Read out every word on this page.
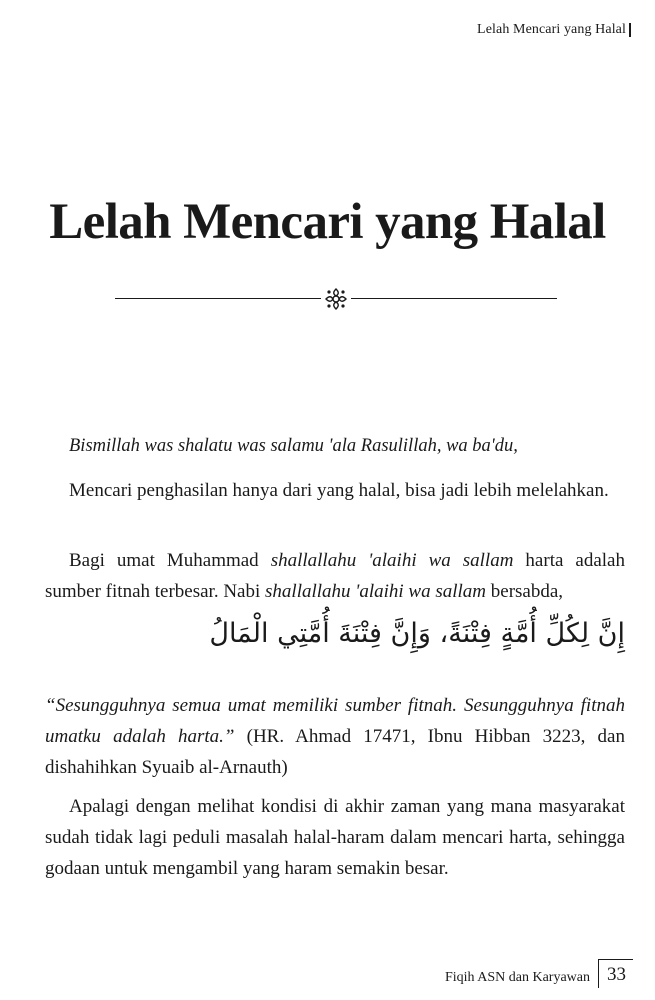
Lelah Mencari yang Halal
Lelah Mencari yang Halal
Bismillah was shalatu was salamu 'ala Rasulillah, wa ba'du,

Mencari penghasilan hanya dari yang halal, bisa jadi lebih melelahkan.

Bagi umat Muhammad shallallahu 'alaihi wa sallam harta adalah sumber fitnah terbesar. Nabi shallallahu 'alaihi wa sallam bersabda,

إِنَّ لِكُلِّ أُمَّةٍ فِتْنَةً، وَإِنَّ فِتْنَةَ أُمَّتِي الْمَالُ

“Sesungguhnya semua umat memiliki sumber fitnah. Sesungguhnya fitnah umatku adalah harta.” (HR. Ahmad 17471, Ibnu Hibban 3223, dan dishahihkan Syuaib al-Arnauth)

Apalagi dengan melihat kondisi di akhir zaman yang mana masyarakat sudah tidak lagi peduli masalah halal-haram dalam mencari harta, sehingga godaan untuk mengambil yang haram semakin besar.

Fiqih ASN dan Karyawan 33
